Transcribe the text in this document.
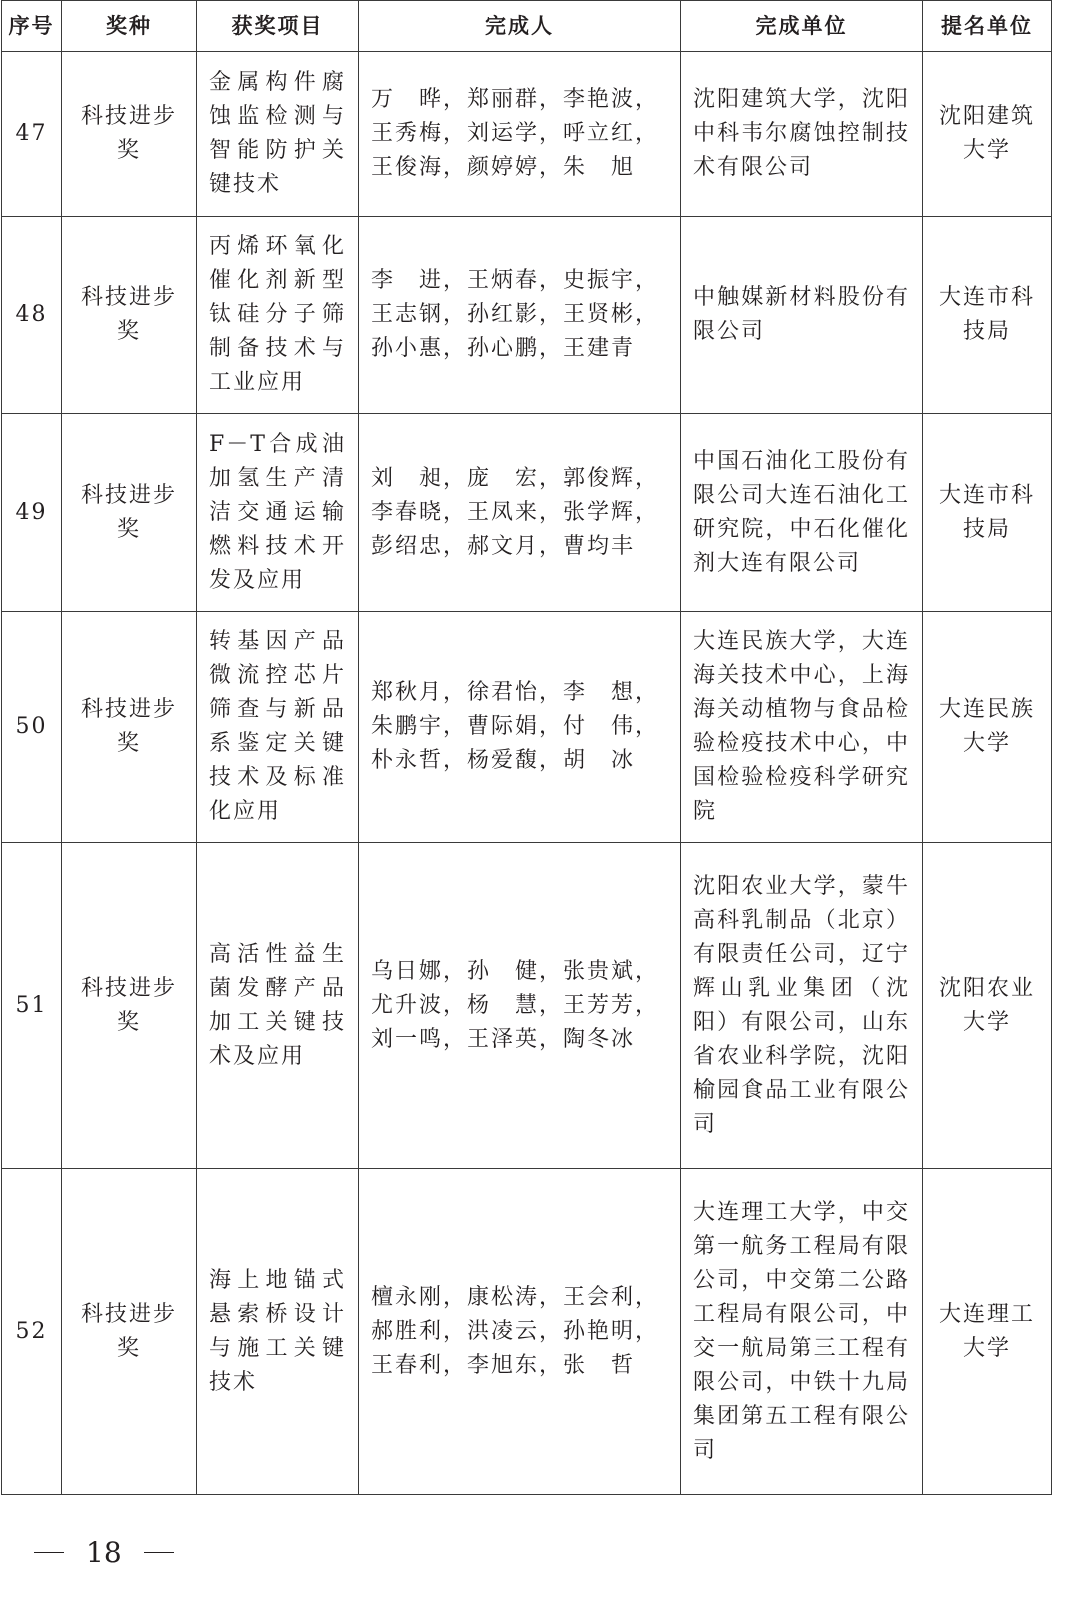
序号	奖种	获奖项目	完成人	完成单位	提名单位
47	科技进步奖	金属构件腐蚀监检测与智能防护关键技术	万　晔，郑丽群，李艳波，
王秀梅，刘运学，呼立红，
王俊海，颜婷婷，朱　旭	沈阳建筑大学，沈阳中科韦尔腐蚀控制技术有限公司	沈阳建筑大学
48	科技进步奖	丙烯环氧化催化剂新型钛硅分子筛制备技术与工业应用	李　进，王炳春，史振宇，
王志钢，孙红影，王贤彬，
孙小惠，孙心鹏，王建青	中触媒新材料股份有限公司	大连市科技局
49	科技进步奖	F－T合成油加氢生产清洁交通运输燃料技术开发及应用	刘　昶，庞　宏，郭俊辉，
李春晓，王凤来，张学辉，
彭绍忠，郝文月，曹均丰	中国石油化工股份有限公司大连石油化工研究院，中石化催化剂大连有限公司	大连市科技局
50	科技进步奖	转基因产品微流控芯片筛查与新品系鉴定关键技术及标准化应用	郑秋月，徐君怡，李　想，
朱鹏宇，曹际娟，付　伟，
朴永哲，杨爱馥，胡　冰	大连民族大学，大连海关技术中心，上海海关动植物与食品检验检疫技术中心，中国检验检疫科学研究院	大连民族大学
51	科技进步奖	高活性益生菌发酵产品加工关键技术及应用	乌日娜，孙　健，张贵斌，
尤升波，杨　慧，王芳芳，
刘一鸣，王泽英，陶冬冰	沈阳农业大学，蒙牛高科乳制品（北京）有限责任公司，辽宁辉山乳业集团（沈阳）有限公司，山东省农业科学院，沈阳榆园食品工业有限公司	沈阳农业大学
52	科技进步奖	海上地锚式悬索桥设计与施工关键技术	檀永刚，康松涛，王会利，
郝胜利，洪凌云，孙艳明，
王春利，李旭东，张　哲	大连理工大学，中交第一航务工程局有限公司，中交第二公路工程局有限公司，中交一航局第三工程有限公司，中铁十九局集团第五工程有限公司	大连理工大学
18
